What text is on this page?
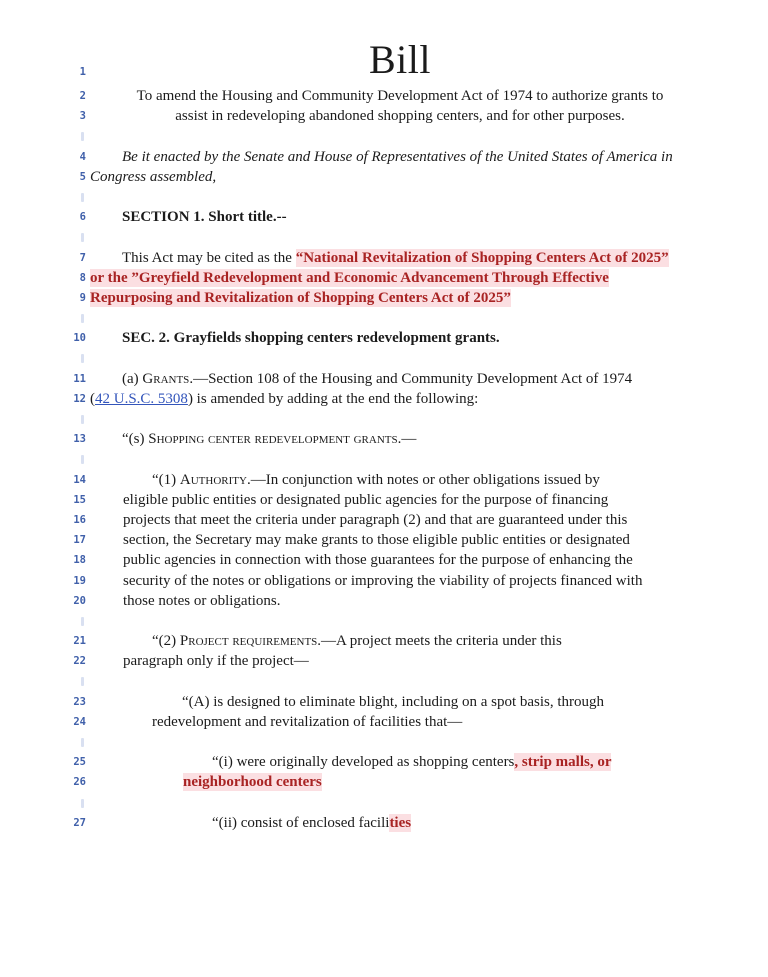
1	Bill
2	To amend the Housing and Community Development Act of 1974 to authorize grants to
3	assist in redeveloping abandoned shopping centers, and for other purposes.
4 Be it enacted by the Senate and House of Representatives of the United States of America in
5 Congress assembled,
6 SECTION 1. Short title.--
7 This Act may be cited as the “National Revitalization of Shopping Centers Act of 2025”
8 or the ”Greyfield Redevelopment and Economic Advancement Through Effective
9 Repurposing and Revitalization of Shopping Centers Act of 2025”
10 SEC. 2. Grayfields shopping centers redevelopment grants.
11 (a) Grants.—Section 108 of the Housing and Community Development Act of 1974
12 (42 U.S.C. 5308) is amended by adding at the end the following:
13 “(s) Shopping center redevelopment grants.—
14	“(1) Authority.—In conjunction with notes or other obligations issued by
15 eligible public entities or designated public agencies for the purpose of financing
16 projects that meet the criteria under paragraph (2) and that are guaranteed under this
17 section, the Secretary may make grants to those eligible public entities or designated
18 public agencies in connection with those guarantees for the purpose of enhancing the
19 security of the notes or obligations or improving the viability of projects financed with
20 those notes or obligations.
21	“(2) Project requirements.—A project meets the criteria under this
22 paragraph only if the project—
23	“(A) is designed to eliminate blight, including on a spot basis, through
24	redevelopment and revitalization of facilities that—
25	“(i) were originally developed as shopping centers, strip malls, or
26	neighborhood centers
27	“(ii) consist of enclosed facilities
